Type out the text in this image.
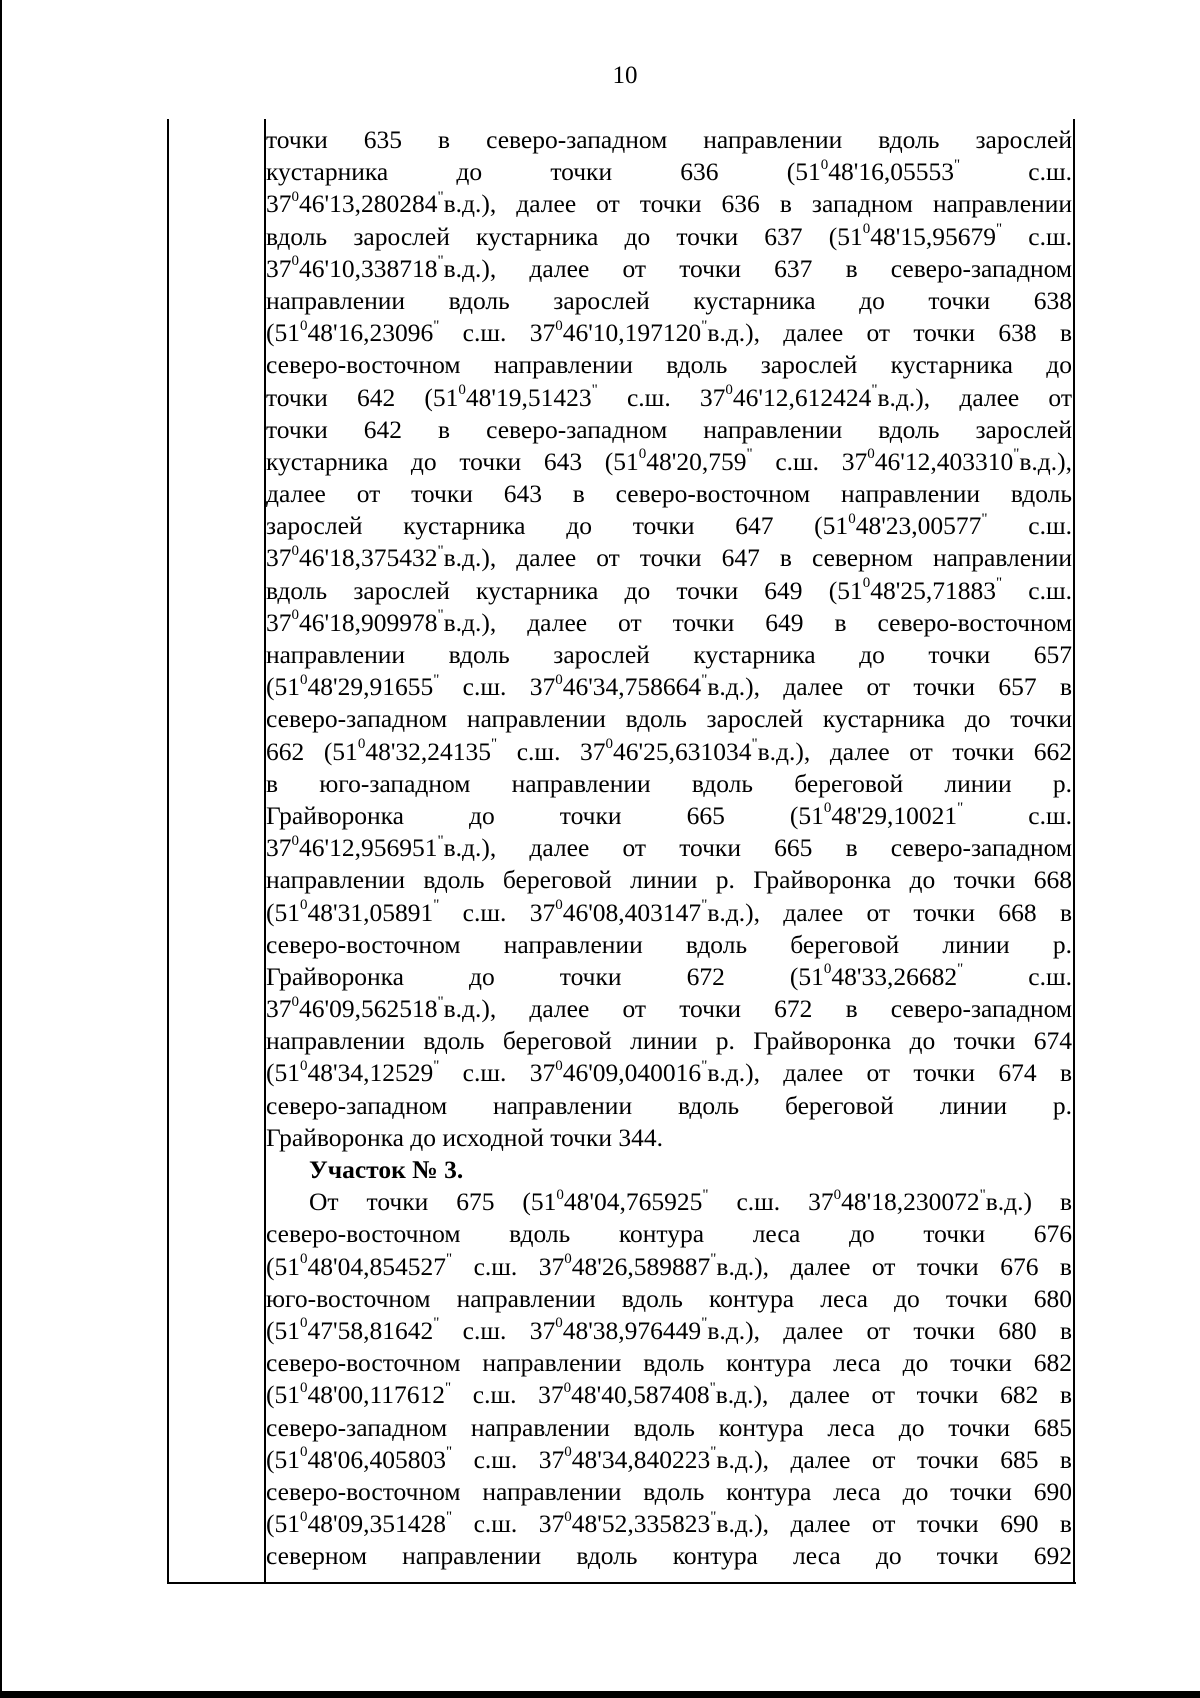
10
точки 635 в северо-западном направлении вдоль зарослей
кустарника до точки 636 ($51^048'16,05553^"$ с.ш.
$37^046'13,280284^"в.д$.), далее от точки 636 в западном направлении
вдоль зарослей кустарника до точки 637 ($51^048'15,95679^"$ с.ш.
$37^046'10,338718^"в.д$.), далее от точки 637 в северо-западном
направлении вдоль зарослей кустарника до точки 638
($51^048'16,23096^"$ с.ш. $37^046'10,197120^"в.д$.), далее от точки 638 в
северо-восточном направлении вдоль зарослей кустарника до
точки 642 ($51^048'19,51423^"$ с.ш. $37^046'12,612424^"в.д$.), далее от
точки 642 в северо-западном направлении вдоль зарослей
кустарника до точки 643 ($51^048'20,759^"$ с.ш. $37^046'12,403310^"в.д$.),
далее от точки 643 в северо-восточном направлении вдоль
зарослей кустарника до точки 647 ($51^048'23,00577^"$ с.ш.
$37^046'18,375432^"в.д$.), далее от точки 647 в северном направлении
вдоль зарослей кустарника до точки 649 ($51^048'25,71883^"$ с.ш.
$37^046'18,909978^"в.д$.), далее от точки 649 в северо-восточном
направлении вдоль зарослей кустарника до точки 657
($51^048'29,91655^"$ с.ш. $37^046'34,758664^"в.д$.), далее от точки 657 в
северо-западном направлении вдоль зарослей кустарника до точки
662 ($51^048'32,24135^"$ с.ш. $37^046'25,631034^"в.д$.), далее от точки 662
в юго-западном направлении вдоль береговой линии р.
Грайворонка до точки 665 ($51^048'29,10021^"$ с.ш.
$37^046'12,956951^"в.д$.), далее от точки 665 в северо-западном
направлении вдоль береговой линии р. Грайворонка до точки 668
($51^048'31,05891^"$ с.ш. $37^046'08,403147^"в.д$.), далее от точки 668 в
северо-восточном направлении вдоль береговой линии р.
Грайворонка до точки 672 ($51^048'33,26682^"$ с.ш.
$37^046'09,562518^"в.д$.), далее от точки 672 в северо-западном
направлении вдоль береговой линии р. Грайворонка до точки 674
($51^048'34,12529^"$ с.ш. $37^046'09,040016^"в.д$.), далее от точки 674 в
северо-западном направлении вдоль береговой линии р.
Грайворонка до исходной точки 344.
Участок № 3.
От точки 675 ($51^048'04,765925^"$ с.ш. $37^048'18,230072^"в.д$.) в
северо-восточном вдоль контура леса до точки 676
($51^048'04,854527^"$ с.ш. $37^048'26,589887^"в.д$.), далее от точки 676 в
юго-восточном направлении вдоль контура леса до точки 680
($51^047'58,81642^"$ с.ш. $37^048'38,976449^"в.д$.), далее от точки 680 в
северо-восточном направлении вдоль контура леса до точки 682
($51^048'00,117612^"$ с.ш. $37^048'40,587408^"в.д$.), далее от точки 682 в
северо-западном направлении вдоль контура леса до точки 685
($51^048'06,405803^"$ с.ш. $37^048'34,840223^"в.д$.), далее от точки 685 в
северо-восточном направлении вдоль контура леса до точки 690
($51^048'09,351428^"$ с.ш. $37^048'52,335823^"в.д$.), далее от точки 690 в
северном направлении вдоль контура леса до точки 692
